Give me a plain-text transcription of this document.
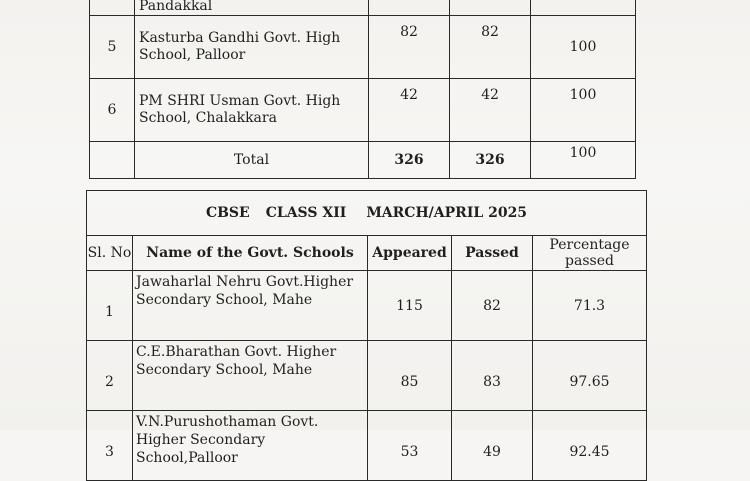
	Pandakkal			
5	Kasturba Gandhi Govt. High School, Palloor	82	82	100
6	PM SHRI Usman Govt. High School, Chalakkara	42	42	100
	Total	326	326	100
CBSE CLASS XII MARCH/APRIL 2025				
Sl. No	Name of the Govt. Schools	Appeared	Passed	Percentage passed
1	Jawaharlal Nehru Govt.Higher Secondary School, Mahe	115	82	71.3
2	C.E.Bharathan Govt. Higher Secondary School, Mahe	85	83	97.65
3	V.N.Purushothaman Govt. Higher Secondary School,Palloor	53	49	92.45
